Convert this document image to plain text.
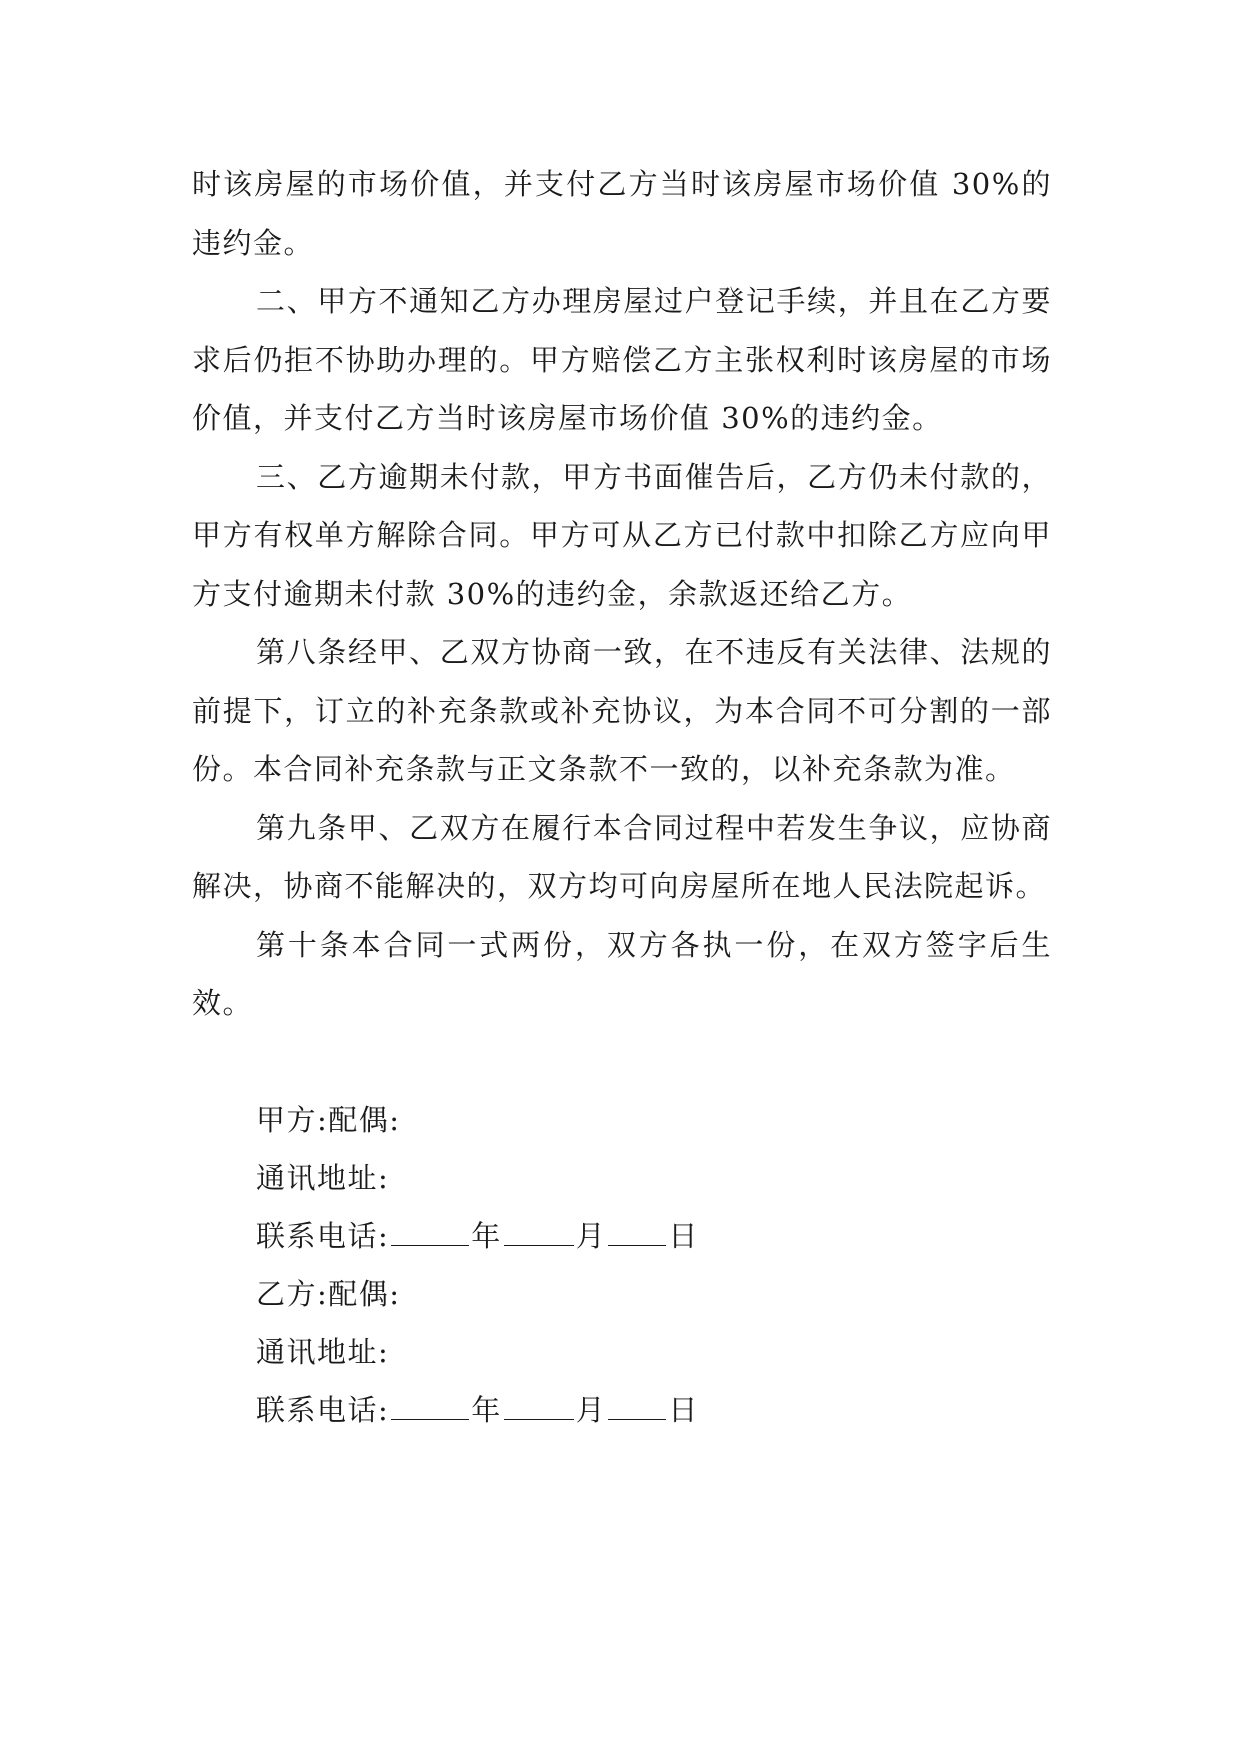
时该房屋的市场价值，并支付乙方当时该房屋市场价值 30%的违约金。

二、甲方不通知乙方办理房屋过户登记手续，并且在乙方要求后仍拒不协助办理的。甲方赔偿乙方主张权利时该房屋的市场价值，并支付乙方当时该房屋市场价值 30%的违约金。

三、乙方逾期未付款，甲方书面催告后，乙方仍未付款的，甲方有权单方解除合同。甲方可从乙方已付款中扣除乙方应向甲方支付逾期未付款 30%的违约金，余款返还给乙方。

第八条经甲、乙双方协商一致，在不违反有关法律、法规的前提下，订立的补充条款或补充协议，为本合同不可分割的一部份。本合同补充条款与正文条款不一致的，以补充条款为准。

第九条甲、乙双方在履行本合同过程中若发生争议，应协商解决，协商不能解决的，双方均可向房屋所在地人民法院起诉。

第十条本合同一式两份，双方各执一份，在双方签字后生效。

甲方:配偶:
通讯地址:
联系电话:	年	月 日
乙方:配偶:
通讯地址:
联系电话:	年	月 日
